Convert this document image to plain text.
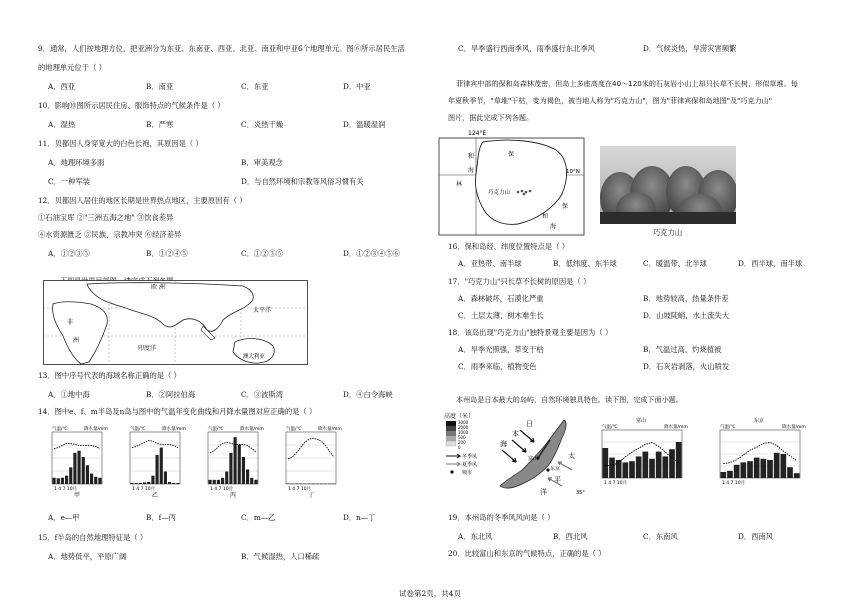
9．通常，人们按地理方位，把亚洲分为东亚、东南亚、西亚、北亚、南亚和中亚6个地理单元。图⑥所示居民生活
的地理单元位于（ ）
A．西亚	B．南亚	C．东亚	D．中亚
10．影响⑩图所示居民住房、服饰特点的气候条件是（ ）
A．湿热	B．严寒	C．炎热干燥	D．温暖湿润
11．贝都因人身穿宽大的白色长袍，其原因是（ ）
A．地理环境多雨	B．审美观念
C．一种军装	D．与自然环境和宗教等风俗习惯有关
12．贝都因人居住的地区长期是世界热点地区，主要原因有（ ）
①石油宝库 ②"三洲五海之地" ③饮食差异
④水资源匮乏 ⑤民族、宗教冲突 ⑥经济差异
A．①②③⑤	B．①②④⑤	C．①②③⑤	D．①②③④⑤⑥
欧 洲
非
洲
印度洋
太平洋
澳大利亚
13．图中序号代表的海域名称正确的是（ ）
A．①地中海	B．②阿拉伯海	C．③波斯湾	D．④白令海峡
14．图中e、f、m半岛及n岛与图中的气温年变化曲线和月降水量图对应正确的是（ ）
气温/℃	降水量/mm
1 4 7 10月
甲
气温/℃	降水量/mm
1 4 7 10月
乙
气温/℃	降水量/mm
1 4 7 10月
丙
气温/℃	降水量/mm
1 4 7 10月
丁
A．e—甲	B．f—丙	C．m—乙	D．n—丁
15．f半岛的自然地理特征是（ ）
A．地势低平，平原广阔	B．气候湿热，人口稀疏
C．旱季盛行西南季风，雨季盛行东北季风	D．气候炎热，旱涝灾害频繁
菲律宾中部的保和岛森林茂密，但岛上多座高度在40～120米的石灰岩小山上却只长草不长树，形似草堆。每
年夏秋季节，"草堆"干枯，变为褐色，被当地人称为"巧克力山"，图为"菲律宾保和岛地图"及"巧克力山"
图片，据此完成下列各题。
124°E
保
和
海
林
巧克力山
10°N
保
和
海
巧克力山
16．保和岛经、纬度位置特点是（ ）
A．亚热带、南半球	B．低纬度、东半球	C．暖温带、北半球	D．西半球、南半球
17．"巧克力山"只长草不长树的原因是（ ）
A．森林破坏，石漠化严重	B．地势较高，热量条件差
C．土层太薄，树木难生长	D．山坡陡峭，水土流失大
18．该岛出现"巧克力山"独特景观主要是因为（ ）
A．旱季光照强，草变干枯	B．气温过高，灼烧植被
C．雨季来临，植物变色	D．石灰岩剥落，火山喷发
本州岛是日本最大的岛屿，自然环境独具特色。读下图，完成下面小题。
高度（米）
3000
2000
1000
500
200
0
冬季风
夏季风
城市
日
本
海
太
平
洋
富山
东京
35°
气温/℃	降水量/mm
1 4 7 10月
富山
气温/℃	降水量/mm
1 4 7 10月
东京
19．本州岛的冬季风风向是（ ）
A．东北风	B．西北风	C．东南风	D．西南风
20．比较富山和东京的气候特点，正确的是（ ）
试卷第2页，共4页
